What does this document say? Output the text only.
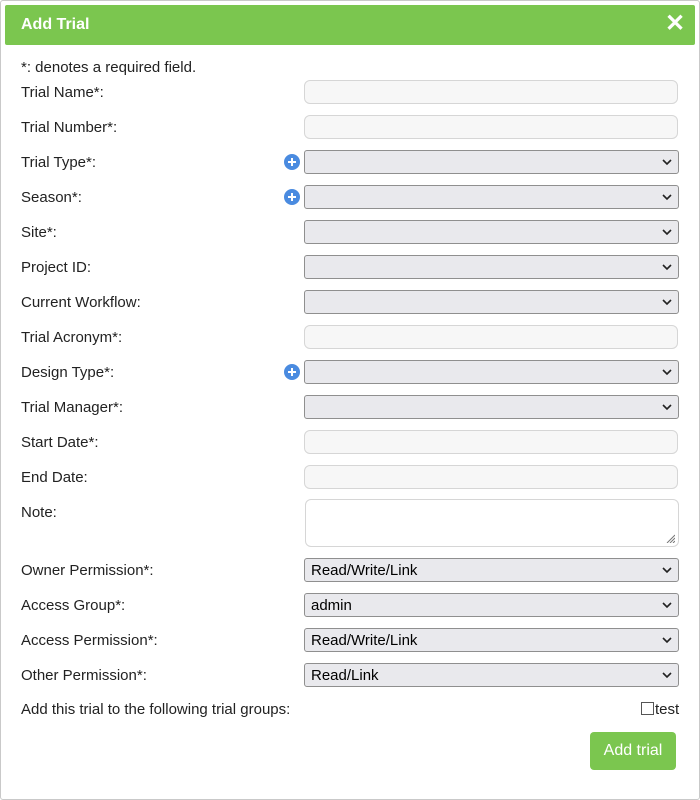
Add Trial	✕
*: denotes a required field.
Trial Name*:
Trial Number*:
Trial Type*:
Season*:
Site*:
Project ID:
Current Workflow:
Trial Acronym*:
Design Type*:
Trial Manager*:
Start Date*:
End Date:
Note:
Owner Permission*:	Read/Write/Link
Access Group*:	admin
Access Permission*:	Read/Write/Link
Other Permission*:	Read/Link
Add this trial to the following trial groups:	test
Add trial
